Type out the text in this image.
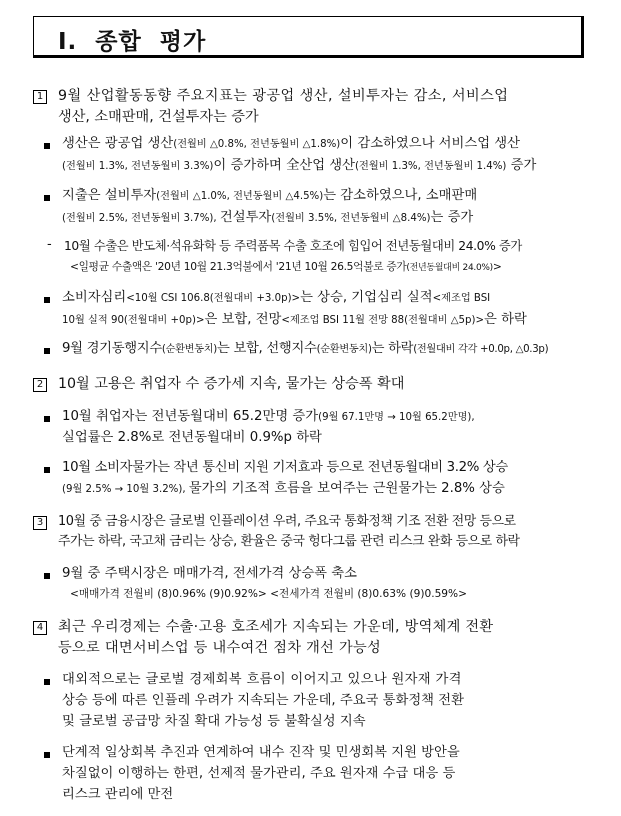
Ⅰ.  종합  평가
1 9월 산업활동동향 주요지표는 광공업 생산, 설비투자는 감소, 서비스업
생산, 소매판매, 건설투자는 증가
생산은 광공업 생산(전월비 △0.8%, 전년동월비 △1.8%)이 감소하였으나 서비스업 생산
(전월비 1.3%, 전년동월비 3.3%)이 증가하며 全산업 생산(전월비 1.3%, 전년동월비 1.4%) 증가
지출은 설비투자(전월비 △1.0%, 전년동월비 △4.5%)는 감소하였으나, 소매판매
(전월비 2.5%, 전년동월비 3.7%), 건설투자(전월비 3.5%, 전년동월비 △8.4%)는 증가
- 10월 수출은 반도체·석유화학 등 주력품목 수출 호조에 힘입어 전년동월대비 24.0% 증가
<일평균 수출액은 '20년 10월 21.3억불에서 '21년 10월 26.5억불로 증가(전년동월대비 24.0%)>
소비자심리<10월 CSI 106.8(전월대비 +3.0p)>는 상승, 기업심리 실적<제조업 BSI
10월 실적 90(전월대비 +0p)>은 보합, 전망<제조업 BSI 11월 전망 88(전월대비 △5p)>은 하락
9월 경기동행지수(순환변동치)는 보합, 선행지수(순환변동치)는 하락(전월대비 각각 +0.0p, △0.3p)
2 10월 고용은 취업자 수 증가세 지속, 물가는 상승폭 확대
10월 취업자는 전년동월대비 65.2만명 증가(9월 67.1만명 → 10월 65.2만명),
실업률은 2.8%로 전년동월대비 0.9%p 하락
10월 소비자물가는 작년 통신비 지원 기저효과 등으로 전년동월대비 3.2% 상승
(9월 2.5% → 10월 3.2%), 물가의 기조적 흐름을 보여주는 근원물가는 2.8% 상승
3 10월 중 금융시장은 글로벌 인플레이션 우려, 주요국 통화정책 기조 전환 전망 등으로
주가는 하락, 국고채 금리는 상승, 환율은 중국 헝다그룹 관련 리스크 완화 등으로 하락
9월 중 주택시장은 매매가격, 전세가격 상승폭 축소
<매매가격 전월비 (8)0.96% (9)0.92%> <전세가격 전월비 (8)0.63% (9)0.59%>
4 최근 우리경제는 수출·고용 호조세가 지속되는 가운데, 방역체계 전환
등으로 대면서비스업 등 내수여건 점차 개선 가능성
대외적으로는 글로벌 경제회복 흐름이 이어지고 있으나 원자재 가격
상승 등에 따른 인플레 우려가 지속되는 가운데, 주요국 통화정책 전환
및 글로벌 공급망 차질 확대 가능성 등 불확실성 지속
단계적 일상회복 추진과 연계하여 내수 진작 및 민생회복 지원 방안을
차질없이 이행하는 한편, 선제적 물가관리, 주요 원자재 수급 대응 등
리스크 관리에 만전
